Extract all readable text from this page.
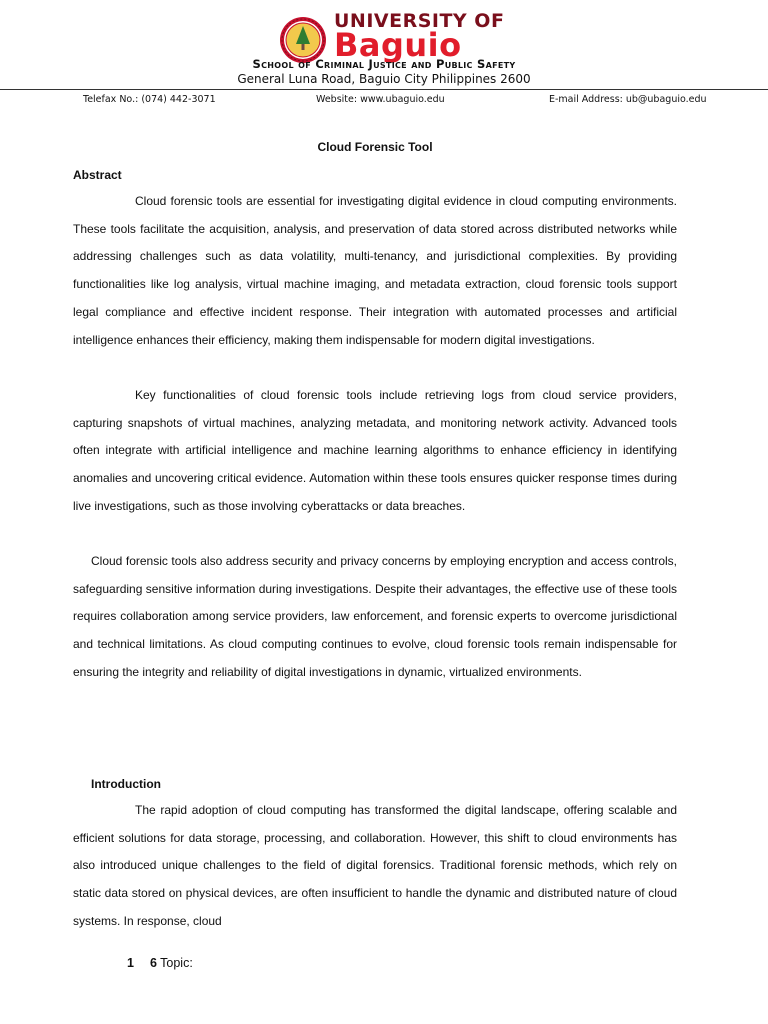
UNIVERSITY OF
Baguio
School of Criminal Justice and Public Safety
General Luna Road, Baguio City Philippines 2600
Telefax No.: (074) 442-3071	Website: www.ubaguio.edu	E-mail Address: ub@ubaguio.edu
Cloud Forensic Tool
Abstract

Cloud forensic tools are essential for investigating digital evidence in cloud computing environments. These tools facilitate the acquisition, analysis, and preservation of data stored across distributed networks while addressing challenges such as data volatility, multi-tenancy, and jurisdictional complexities. By providing functionalities like log analysis, virtual machine imaging, and metadata extraction, cloud forensic tools support legal compliance and effective incident response. Their integration with automated processes and artificial intelligence enhances their efficiency, making them indispensable for modern digital investigations.

Key functionalities of cloud forensic tools include retrieving logs from cloud service providers, capturing snapshots of virtual machines, analyzing metadata, and monitoring network activity. Advanced tools often integrate with artificial intelligence and machine learning algorithms to enhance efficiency in identifying anomalies and uncovering critical evidence. Automation within these tools ensures quicker response times during live investigations, such as those involving cyberattacks or data breaches.

Cloud forensic tools also address security and privacy concerns by employing encryption and access controls, safeguarding sensitive information during investigations. Despite their advantages, the effective use of these tools requires collaboration among service providers, law enforcement, and forensic experts to overcome jurisdictional and technical limitations. As cloud computing continues to evolve, cloud forensic tools remain indispensable for ensuring the integrity and reliability of digital investigations in dynamic, virtualized environments.

Introduction

The rapid adoption of cloud computing has transformed the digital landscape, offering scalable and efficient solutions for data storage, processing, and collaboration. However, this shift to cloud environments has also introduced unique challenges to the field of digital forensics. Traditional forensic methods, which rely on static data stored on physical devices, are often insufficient to handle the dynamic and distributed nature of cloud systems. In response, cloud

1 6 Topic:
